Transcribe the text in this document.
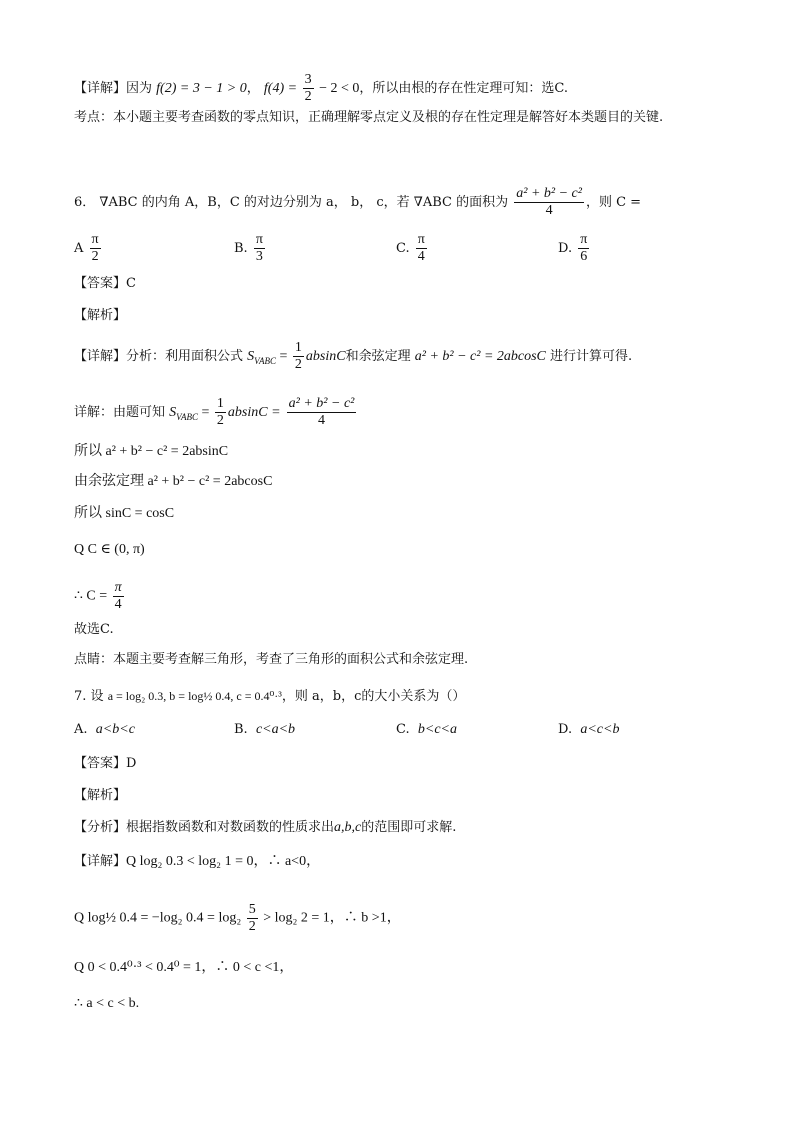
【详解】因为 f(2) = 3 − 1 > 0， $f(4) = \frac{3}{2} - 2 < 0$，所以由根的存在性定理可知：选C.
考点：本小题主要考查函数的零点知识，正确理解零点定义及根的存在性定理是解答好本类题目的关键.
6． ∇ABC 的内角 A，B，C 的对边分别为 a， b， c，若 ∇ABC 的面积为 $\frac{\text{a² + b² − c²}}{4}$ ，则 C =
A $\frac{\pi}{2}$	B. $\frac{\pi}{3}$	C. $\frac{\pi}{4}$	D. $\frac{\pi}{6}$
【答案】C
【解析】
【详解】分析：利用面积公式 $S_{VABC} = \frac{1}{2}$ absinC和余弦定理 a² + b² − c² = 2abcosC 进行计算可得.
详解：由题可知 $S_{VABC} = \frac{1}{2}$ $absinC = \frac{\text{a² + b² − c²}}{4}$
所以 a² + b² − c² = 2absinC
由余弦定理 a² + b² − c² = 2abcosC
所以 sinC = cosC
Q C ∈ (0, π)
∴ $C = \frac{\pi}{4}$
故选C.
点睛：本题主要考查解三角形，考查了三角形的面积公式和余弦定理.
7. 设 a = log₂ 0.3, b = log½ 0.4, c = 0.4⁰·³，则 a，b，c的大小关系为（）
A. a<b<c	B. c<a<b	C. b<c<a	D. a<c<b
【答案】D
【解析】
【分析】根据指数函数和对数函数的性质求出a,b,c的范围即可求解.
【详解】Q log₂ 0.3 < log₂ 1 = 0，∴ a<0，
Q log½ 0.4 = −log₂ $0.4 = \log_2 \frac{5}{2} > \log_2$ 2 = 1，∴ b >1，
Q 0 < 0.4⁰·³ < 0.4⁰ = 1，∴ 0 < c <1，
∴ a < c < b.
